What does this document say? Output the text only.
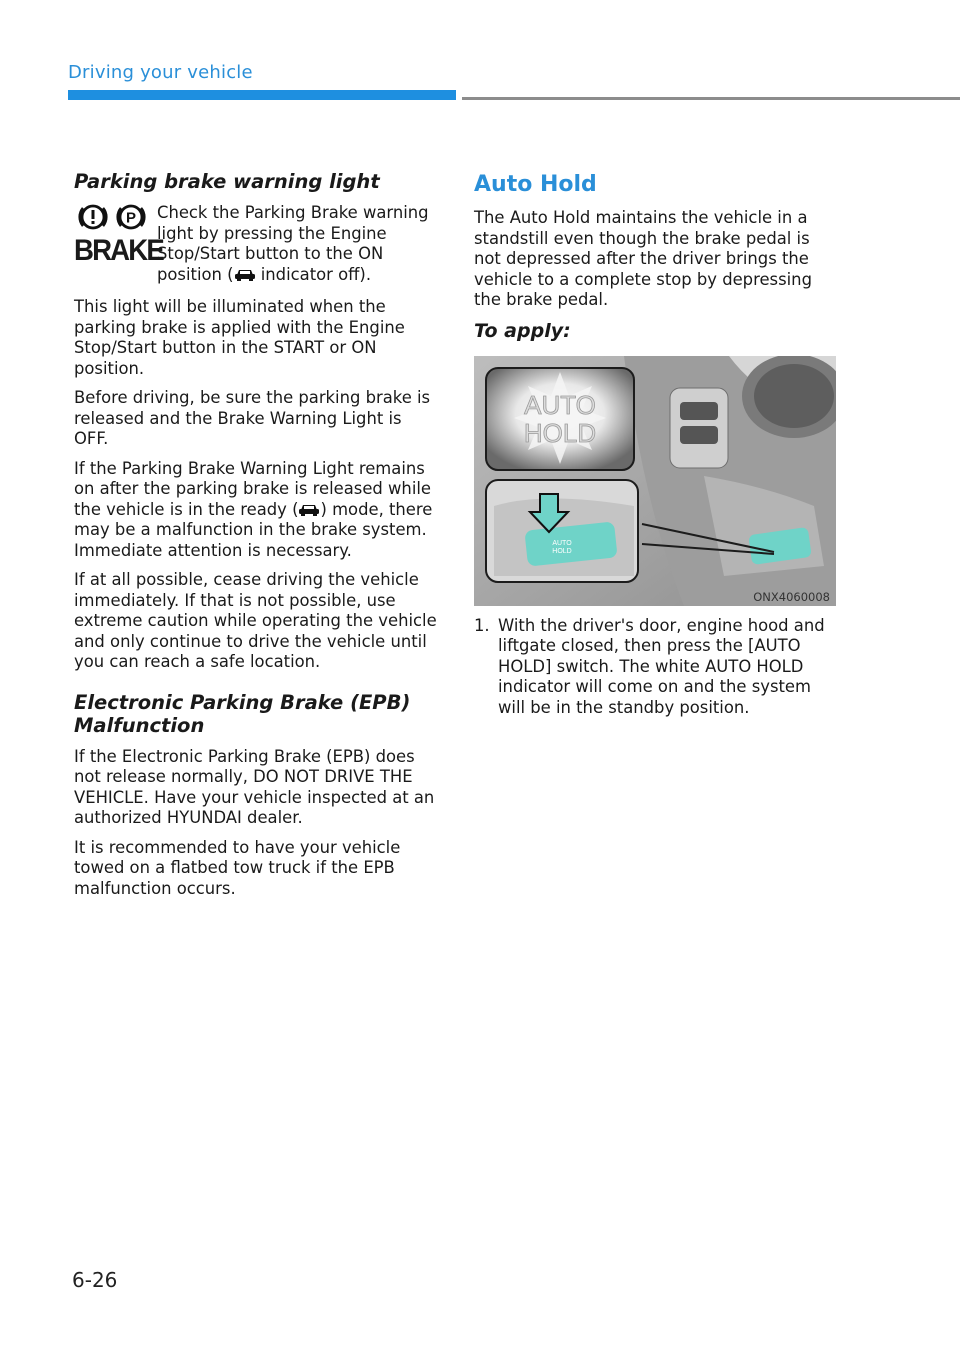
Driving your vehicle
Parking brake warning light
P
BRAKE
Check the Parking Brake warning light by pressing the Engine Stop/Start button to the ON position ( indicator off).

This light will be illuminated when the parking brake is applied with the Engine Stop/Start button in the START or ON position.

Before driving, be sure the parking brake is released and the Brake Warning Light is OFF.

If the Parking Brake Warning Light remains on after the parking brake is released while the vehicle is in the ready ( ) mode, there may be a malfunction in the brake system. Immediate attention is necessary.

If at all possible, cease driving the vehicle immediately. If that is not possible, use extreme caution while operating the vehicle and only continue to drive the vehicle until you can reach a safe location.

Electronic Parking Brake (EPB) Malfunction

If the Electronic Parking Brake (EPB) does not release normally, DO NOT DRIVE THE VEHICLE. Have your vehicle inspected at an authorized HYUNDAI dealer.

It is recommended to have your vehicle towed on a flatbed tow truck if the EPB malfunction occurs.

Auto Hold

The Auto Hold maintains the vehicle in a standstill even though the brake pedal is not depressed after the driver brings the vehicle to a complete stop by depressing the brake pedal.

To apply:
AUTO
HOLD
AUTO
HOLD
ONX4060008
1. With the driver's door, engine hood and liftgate closed, then press the [AUTO HOLD] switch. The white AUTO HOLD indicator will come on and the system will be in the standby position.
6-26
